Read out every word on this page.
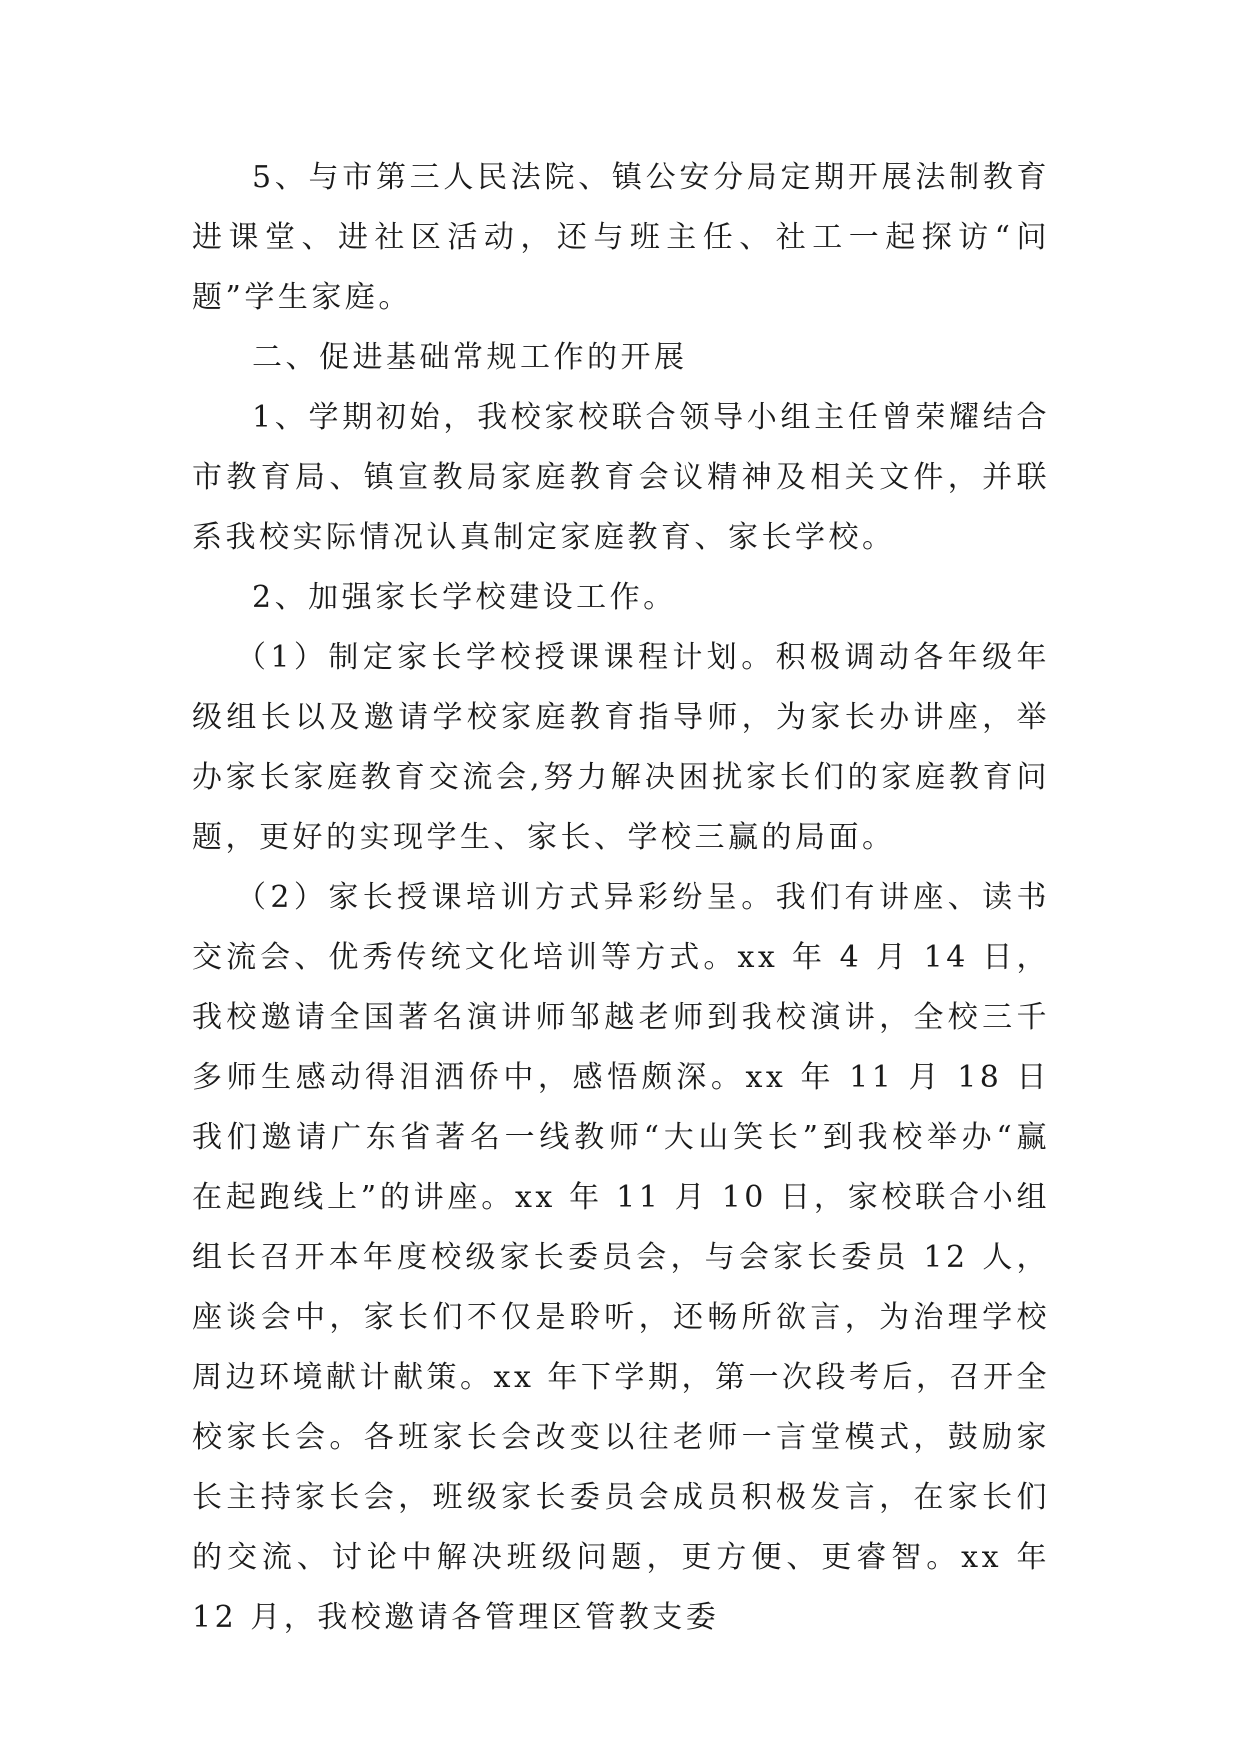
5、与市第三人民法院、镇公安分局定期开展法制教育进课堂、进社区活动，还与班主任、社工一起探访“问题”学生家庭。

二、促进基础常规工作的开展

1、学期初始，我校家校联合领导小组主任曾荣耀结合市教育局、镇宣教局家庭教育会议精神及相关文件，并联系我校实际情况认真制定家庭教育、家长学校。

2、加强家长学校建设工作。

（1）制定家长学校授课课程计划。积极调动各年级年级组长以及邀请学校家庭教育指导师，为家长办讲座，举办家长家庭教育交流会,努力解决困扰家长们的家庭教育问题，更好的实现学生、家长、学校三赢的局面。

（2）家长授课培训方式异彩纷呈。我们有讲座、读书交流会、优秀传统文化培训等方式。xx 年 4 月 14 日，我校邀请全国著名演讲师邹越老师到我校演讲，全校三千多师生感动得泪洒侨中，感悟颇深。xx 年 11 月 18 日我们邀请广东省著名一线教师“大山笑长”到我校举办“赢在起跑线上”的讲座。xx 年 11 月 10 日，家校联合小组组长召开本年度校级家长委员会，与会家长委员 12 人，座谈会中，家长们不仅是聆听，还畅所欲言，为治理学校周边环境献计献策。xx 年下学期，第一次段考后，召开全校家长会。各班家长会改变以往老师一言堂模式，鼓励家长主持家长会，班级家长委员会成员积极发言，在家长们的交流、讨论中解决班级问题，更方便、更睿智。xx 年 12 月，我校邀请各管理区管教支委
